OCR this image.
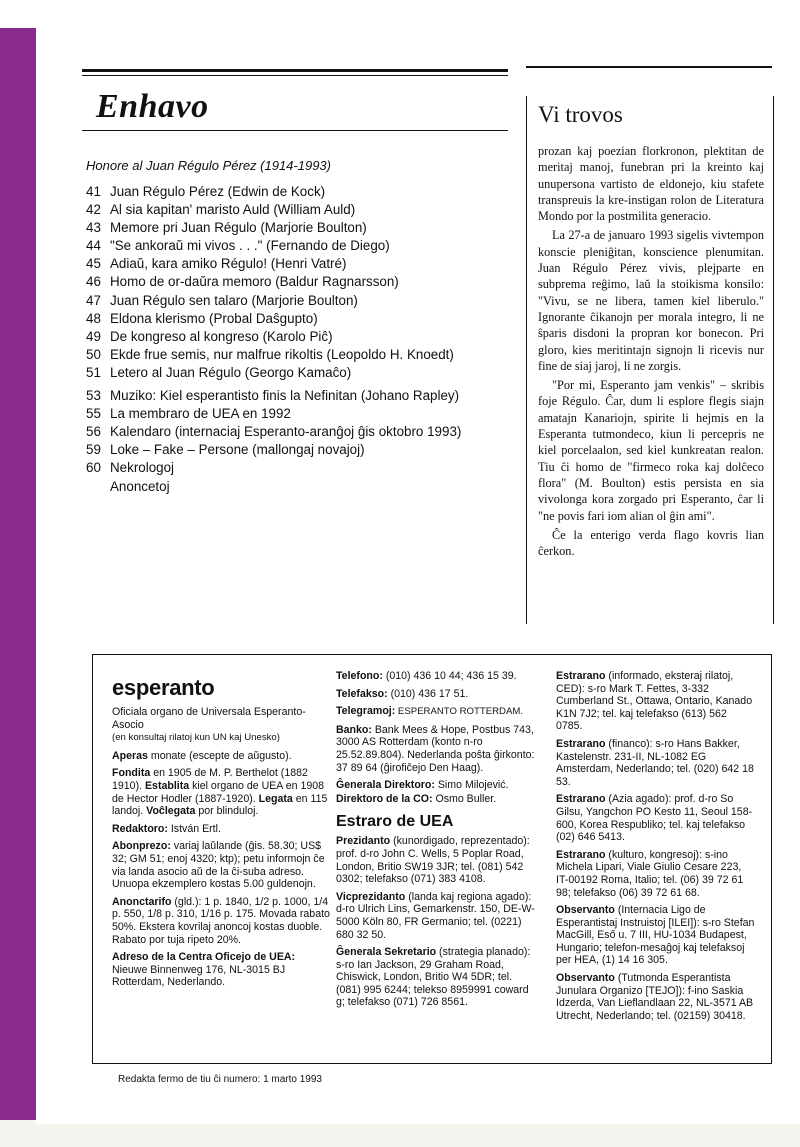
Enhavo
Honore al Juan Régulo Pérez (1914-1993)
41 Juan Régulo Pérez (Edwin de Kock)
42 Al sia kapitan' maristo Auld (William Auld)
43 Memore pri Juan Régulo (Marjorie Boulton)
44 "Se ankoraŭ mi vivos . . ." (Fernando de Diego)
45 Adiaŭ, kara amiko Régulo! (Henri Vatré)
46 Homo de or-daŭra memoro (Baldur Ragnarsson)
47 Juan Régulo sen talaro (Marjorie Boulton)
48 Eldona klerismo (Probal Daŝgupto)
49 De kongreso al kongreso (Karolo Piĉ)
50 Ekde frue semis, nur malfrue rikoltis (Leopoldo H. Knoedt)
51 Letero al Juan Régulo (Georgo Kamaĉo)
53 Muziko: Kiel esperantisto finis la Nefinitan (Johano Rapley)
55 La membraro de UEA en 1992
56 Kalendaro (internaciaj Esperanto-aranĝoj ĝis oktobro 1993)
59 Loke – Fake – Persone (mallongaj novajoj)
60 Nekrologoj
Anoncetoj
Vi trovos

prozan kaj poezian florkronon, plektitan de meritaj manoj, funebran pri la kreinto kaj unupersona vartisto de eldonejo, kiu stafete transpreuis la kre-instigan rolon de Literatura Mondo por la postmilita generacio.

La 27-a de januaro 1993 sigelis vivtempon konscie pleniĝitan, konscience plenumitan. Juan Régulo Pérez vivis, plejparte en subprema reĝimo, laŭ la stoikisma konsilo: "Vivu, se ne libera, tamen kiel liberulo." Ignorante ĉikanojn per morala integro, li ne ŝparis disdoni la propran kor bonecon. Pri gloro, kies meritintajn signojn li ricevis nur fine de siaj jaroj, li ne zorgis.

"Por mi, Esperanto jam venkis" – skribis foje Régulo. Ĉar, dum li esplore flegis siajn amatajn Kanariojn, spirite li hejmis en la Esperanta tutmondeco, kiun li percepris ne kiel porcelaalon, sed kiel kunkreatan realon. Tiu ĉi homo de "firmeco roka kaj dolĉeco flora" (M. Boulton) estis persista en sia vivolonga kora zorgado pri Esperanto, ĉar li "ne povis fari iom alian ol ĝin ami".

Ĉe la enterigo verda flago kovris lian ĉerkon.

esperanto

Oficiala organo de Universala Esperanto-Asocio

(en konsultaj rilatoj kun UN kaj Unesko)

Aperas monate (escepte de aŭgusto).

Fondita en 1905 de M. P. Berthelot (1882 1910). Establita kiel organo de UEA en 1908 de Hector Hodler (1887-1920). Legata en 115 landoj. Voĉlegata por blinduloj.

Redaktoro: István Ertl.

Abonprezo: variaj laŭlande (ĝis. 58.30; US$ 32; GM 51; enoj 4320; ktp); petu informojn ĉe via landa asocio aŭ de la ĉi-suba adreso. Unuopa ekzemplero kostas 5.00 guldenojn.

Anonctarifo (gld.): 1 p. 1840, 1/2 p. 1000, 1/4 p. 550, 1/8 p. 310, 1/16 p. 175. Movada rabato 50%. Ekstera kovrilaj anoncoj kostas duoble. Rabato por tuja ripeto 20%.

Adreso de la Centra Oficejo de UEA: Nieuwe Binnenweg 176, NL-3015 BJ Rotterdam, Nederlando.

Telefono: (010) 436 10 44; 436 15 39.

Telefakso: (010) 436 17 51.

Telegramoj: ESPERANTO ROTTERDAM.

Banko: Bank Mees & Hope, Postbus 743, 3000 AS Rotterdam (konto n-ro 25.52.89.804). Nederlanda poŝta ĝirkonto: 37 89 64 (ĝirofiĉejo Den Haag).

Ĝenerala Direktoro: Simo Milojević.

Direktoro de la CO: Osmo Buller.

Estraro de UEA

Prezidanto (kunordigado, reprezentado): prof. d-ro John C. Wells, 5 Poplar Road, London, Britio SW19 3JR; tel. (081) 542 0302; telefakso (071) 383 4108.

Vicprezidanto (landa kaj regiona agado): d-ro Ulrich Lins, Gemarkenstr. 150, DE-W-5000 Köln 80, FR Germanio; tel. (0221) 680 32 50.

Ĝenerala Sekretario (strategia planado): s-ro Ian Jackson, 29 Graham Road, Chiswick, London, Britio W4 5DR; tel. (081) 995 6244; telekso 8959991 coward g; telefakso (071) 726 8561.

Estrarano (informado, eksteraj rilatoj, CED): s-ro Mark T. Fettes, 3-332 Cumberland St., Ottawa, Ontario, Kanado K1N 7J2; tel. kaj telefakso (613) 562 0785.

Estrarano (financo): s-ro Hans Bakker, Kastelenstr. 231-II, NL-1082 EG Amsterdam, Nederlando; tel. (020) 642 18 53.

Estrarano (Azia agado): prof. d-ro So Gilsu, Yangchon PO Kesto 11, Seoul 158-600, Korea Respubliko; tel. kaj telefakso (02) 646 5413.

Estrarano (kulturo, kongresoj): s-ino Michela Lipari, Viale Giulio Cesare 223, IT-00192 Roma, Italio; tel. (06) 39 72 61 98; telefakso (06) 39 72 61 68.

Observanto (Internacia Ligo de Esperantistaj Instruistoj [ILEI]): s-ro Stefan MacGill, Eső u. 7 III, HU-1034 Budapest, Hungario; telefon-mesaĝoj kaj telefaksoj per HEA, (1) 14 16 305.

Observanto (Tutmonda Esperantista Junulara Organizo [TEJO]): f-ino Saskia Idzerda, Van Lieflandlaan 22, NL-3571 AB Utrecht, Nederlando; tel. (02159) 30418.

Redakta fermo de tiu ĉi numero: 1 marto 1993
